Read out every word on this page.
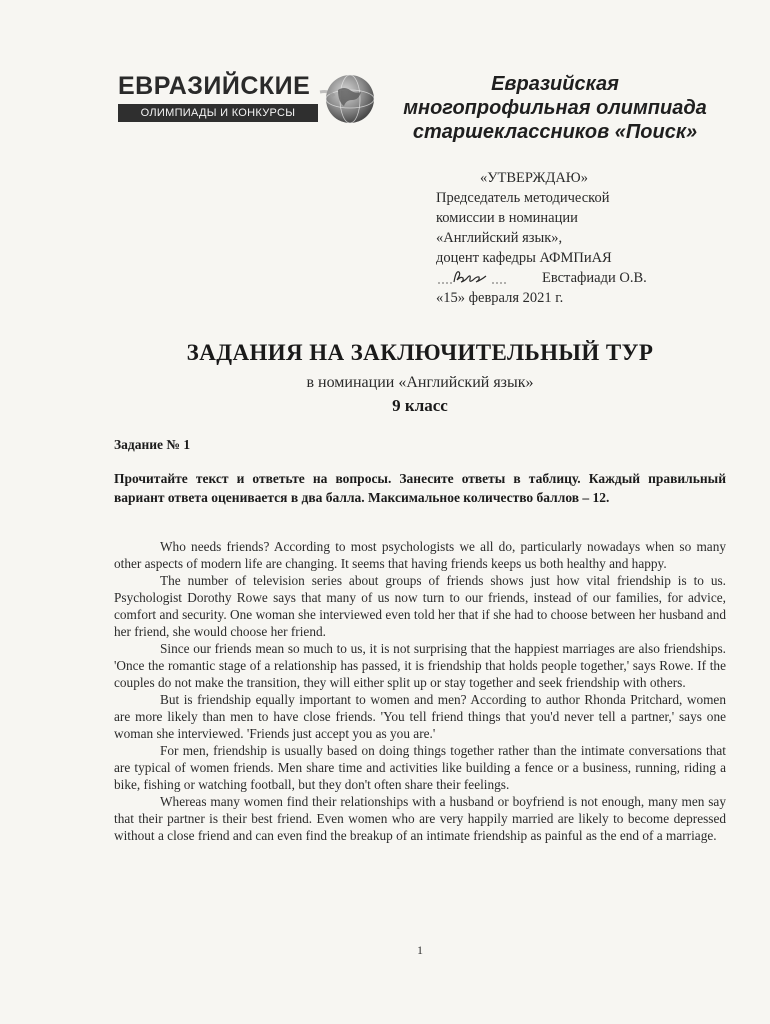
ЕВРАЗИЙСКИЕ
ОЛИМПИАДЫ И КОНКУРСЫ
Евразийская
многопрофильная олимпиада
старшеклассников «Поиск»
«УТВЕРЖДАЮ»
Председатель методической
комиссии в номинации
«Английский язык»,
доцент кафедры АФМПиАЯ
Евстафиади О.В.
«15» февраля 2021 г.
ЗАДАНИЯ НА ЗАКЛЮЧИТЕЛЬНЫЙ ТУР
в номинации «Английский язык»
9 класс
Задание № 1
Прочитайте текст и ответьте на вопросы. Занесите ответы в таблицу. Каждый правильный вариант ответа оценивается в два балла. Максимальное количество баллов – 12.

Who needs friends? According to most psychologists we all do, particularly nowadays when so many other aspects of modern life are changing. It seems that having friends keeps us both healthy and happy.

The number of television series about groups of friends shows just how vital friendship is to us. Psychologist Dorothy Rowe says that many of us now turn to our friends, instead of our families, for advice, comfort and security. One woman she interviewed even told her that if she had to choose between her husband and her friend, she would choose her friend.

Since our friends mean so much to us, it is not surprising that the happiest marriages are also friendships. 'Once the romantic stage of a relationship has passed, it is friendship that holds people together,' says Rowe. If the couples do not make the transition, they will either split up or stay together and seek friendship with others.

But is friendship equally important to women and men? According to author Rhonda Pritchard, women are more likely than men to have close friends. 'You tell friend things that you'd never tell a partner,' says one woman she interviewed. 'Friends just accept you as you are.'

For men, friendship is usually based on doing things together rather than the intimate conversations that are typical of women friends. Men share time and activities like building a fence or a business, running, riding a bike, fishing or watching football, but they don't often share their feelings.

Whereas many women find their relationships with a husband or boyfriend is not enough, many men say that their partner is their best friend. Even women who are very happily married are likely to become depressed without a close friend and can even find the breakup of an intimate friendship as painful as the end of a marriage.

1
